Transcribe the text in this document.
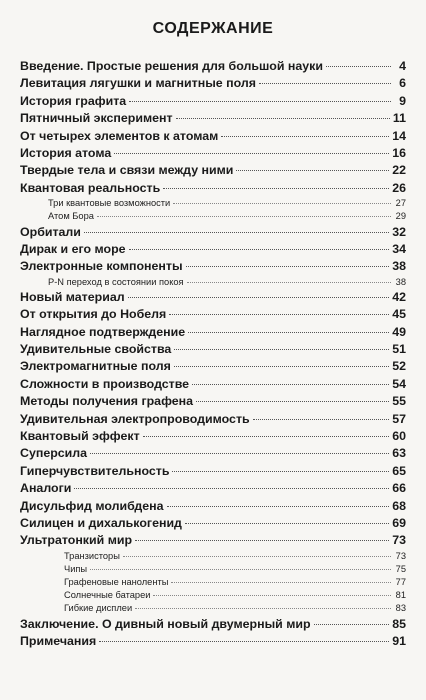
СОДЕРЖАНИЕ
Введение. Простые решения для большой науки	4
Левитация лягушки и магнитные поля	6
История графита	9
Пятничный эксперимент	11
От четырех элементов к атомам	14
История атома	16
Твердые тела и связи между ними	22
Квантовая реальность	26
Три квантовые возможности	27
Атом Бора	29
Орбитали	32
Дирак и его море	34
Электронные компоненты	38
P-N переход в состоянии покоя	38
Новый материал	42
От открытия до Нобеля	45
Наглядное подтверждение	49
Удивительные свойства	51
Электромагнитные поля	52
Сложности в производстве	54
Методы получения графена	55
Удивительная электропроводимость	57
Квантовый эффект	60
Суперсила	63
Гиперчувствительность	65
Аналоги	66
Дисульфид молибдена	68
Силицен и дихалькогенид	69
Ультратонкий мир	73
Транзисторы	73
Чипы	75
Графеновые наноленты	77
Солнечные батареи	81
Гибкие дисплеи	83
Заключение. О дивный новый двумерный мир	85
Примечания	91
